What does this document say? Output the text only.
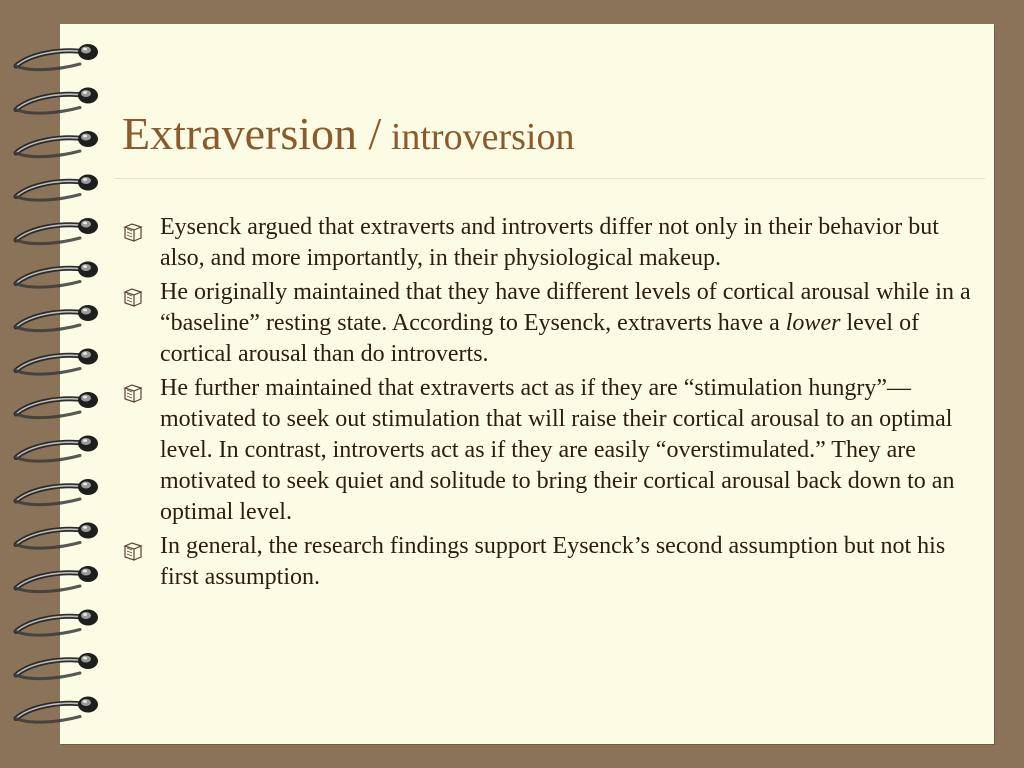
Extraversion / introversion
Eysenck argued that extraverts and introverts differ not only in their behavior but also, and more importantly, in their physiological makeup.
He originally maintained that they have different levels of cortical arousal while in a “baseline” resting state. According to Eysenck, extraverts have a lower level of cortical arousal than do introverts.
He further maintained that extraverts act as if they are “stimulation hungry”—motivated to seek out stimulation that will raise their cortical arousal to an optimal level. In contrast, introverts act as if they are easily “overstimulated.” They are motivated to seek quiet and solitude to bring their cortical arousal back down to an optimal level.
In general, the research findings support Eysenck’s second assumption but not his first assumption.
